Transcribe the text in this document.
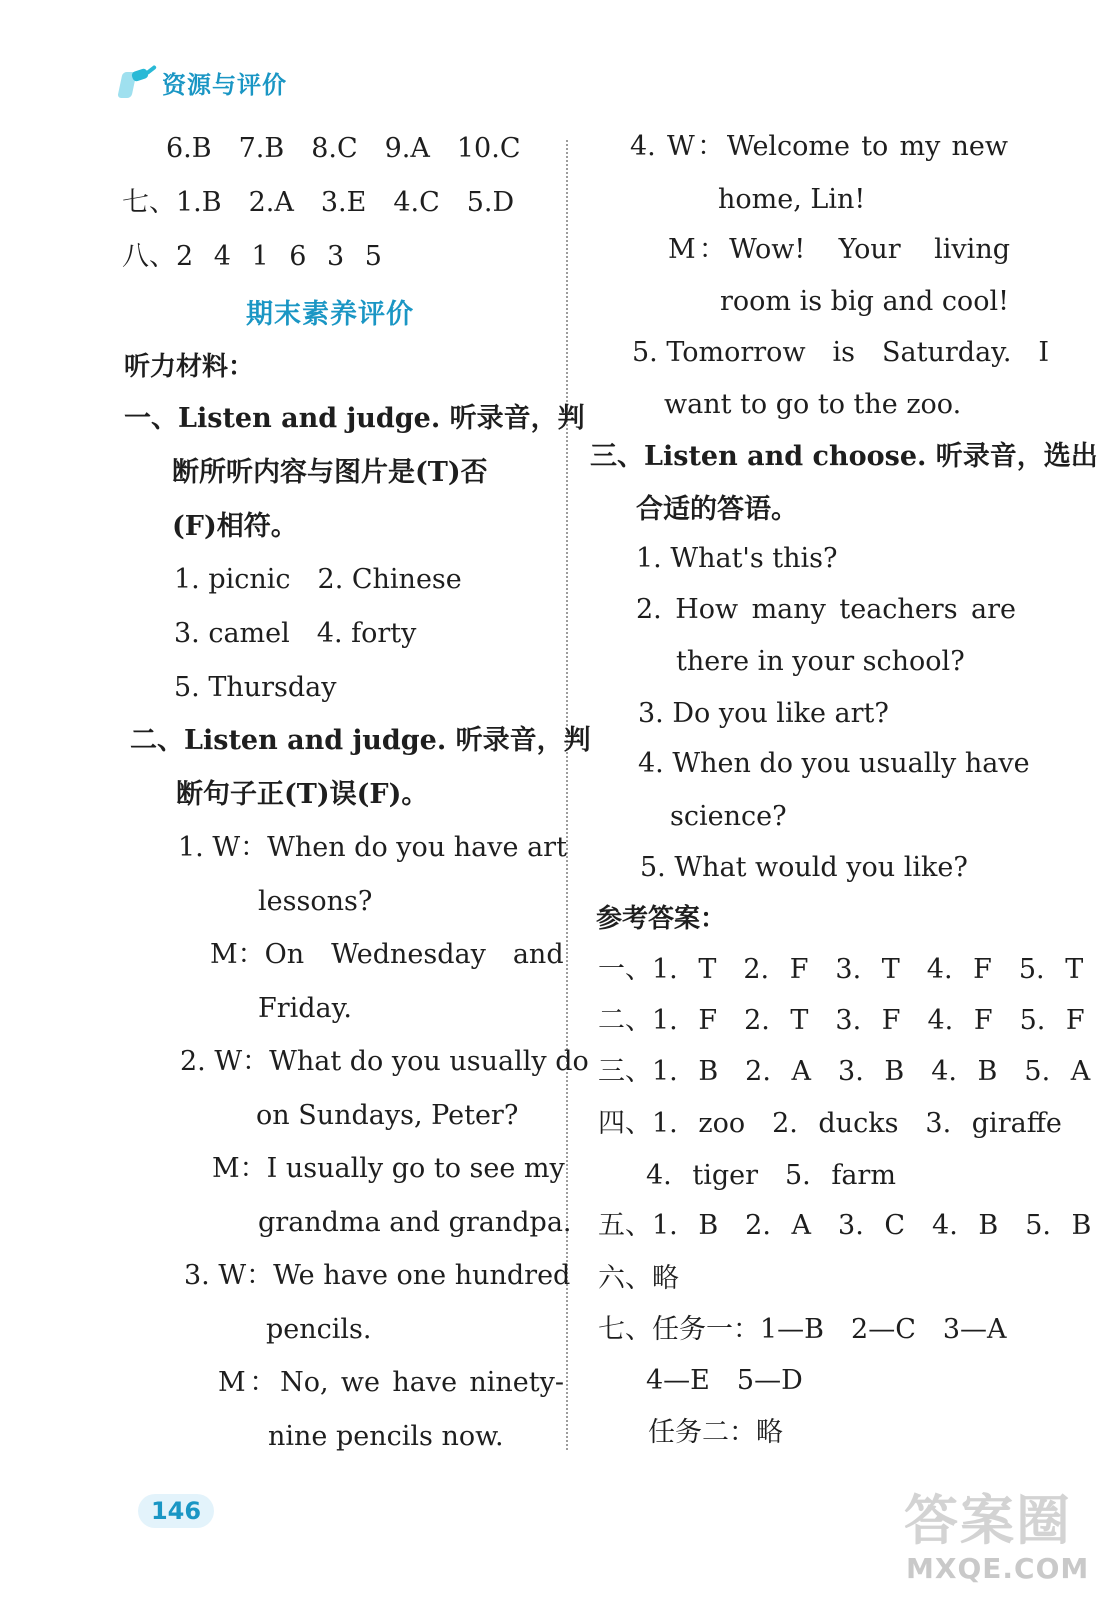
资源与评价
6.B　7.B　8.C　9.A　10.C
七、1.B　2.A　3.E　4.C　5.D
八、2 4 1 6 3 5
期末素养评价
听力材料：
一、Listen and judge. 听录音，判
断所听内容与图片是(T)否
(F)相符。
1. picnic　2. Chinese
3. camel　4. forty
5. Thursday
二、Listen and judge. 听录音，判
断句子正(T)误(F)。
1. W：When do you have art
lessons?
M：On　Wednesday　and
Friday.
2. W：What do you usually do
on Sundays, Peter?
M：I usually go to see my
grandma and grandpa.
3. W：We have one hundred
pencils.
M：No, we have ninety-
nine pencils now.
4. W：Welcome to my new
home, Lin!
M：Wow!　Your　living
room is big and cool!
5. Tomorrow　is　Saturday.　I
want to go to the zoo.
三、Listen and choose. 听录音，选出
合适的答语。
1. What's this?
2. How many teachers are
there in your school?
3. Do you like art?
4. When do you usually have
science?
5. What would you like?
参考答案：
一、1. T　2. F　3. T　4. F　5. T
二、1. F　2. T　3. F　4. F　5. F
三、1. B　2. A　3. B　4. B　5. A
四、1. zoo　2. ducks　3. giraffe
4. tiger　5. farm
五、1. B　2. A　3. C　4. B　5. B
六、略
七、任务一：1—B　2—C　3—A
4—E　5—D
任务二：略
146	答案圈
MXQE.COM
